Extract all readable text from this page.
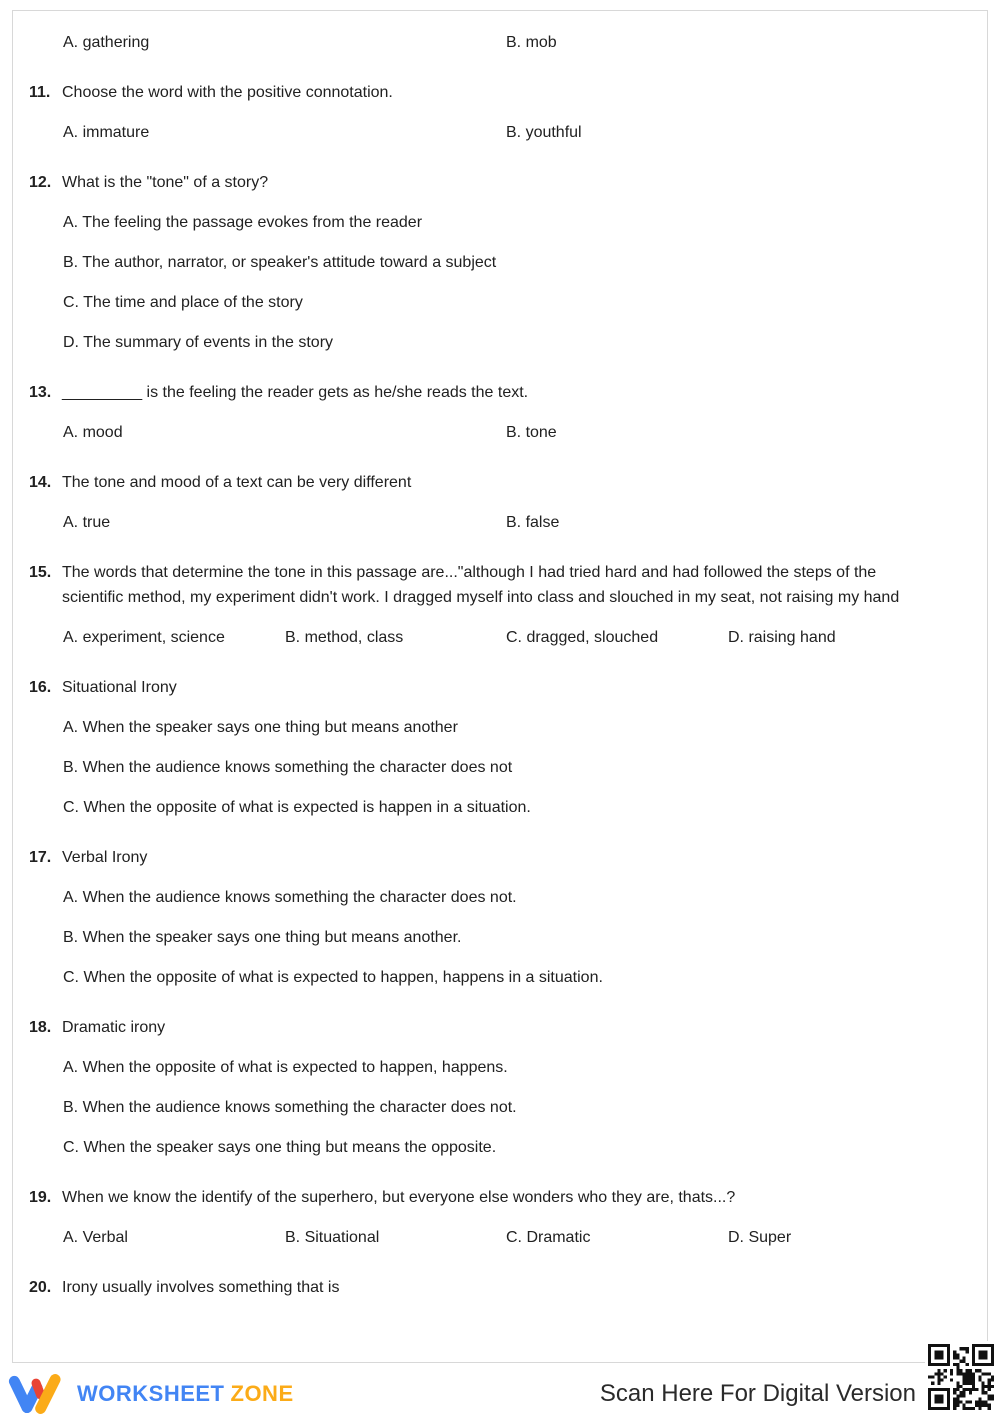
A. gathering	B. mob
11. Choose the word with the positive connotation.
A. immature	B. youthful
12. What is the "tone" of a story?
A. The feeling the passage evokes from the reader
B. The author, narrator, or speaker's attitude toward a subject
C. The time and place of the story
D. The summary of events in the story
13. _________ is the feeling the reader gets as he/she reads the text.
A. mood	B. tone
14. The tone and mood of a text can be very different
A. true	B. false
15. The words that determine the tone in this passage are..."although I had tried hard and had followed the steps of the scientific method, my experiment didn't work. I dragged myself into class and slouched in my seat, not raising my hand
A. experiment, science	B. method, class	C. dragged, slouched	D. raising hand
16. Situational Irony
A. When the speaker says one thing but means another
B. When the audience knows something the character does not
C. When the opposite of what is expected is happen in a situation.
17. Verbal Irony
A. When the audience knows something the character does not.
B. When the speaker says one thing but means another.
C. When the opposite of what is expected to happen, happens in a situation.
18. Dramatic irony
A. When the opposite of what is expected to happen, happens.
B. When the audience knows something the character does not.
C. When the speaker says one thing but means the opposite.
19. When we know the identify of the superhero, but everyone else wonders who they are, thats...?
A. Verbal	B. Situational	C. Dramatic	D. Super
20. Irony usually involves something that is
WORKSHEET ZONE	Scan Here For Digital Version
